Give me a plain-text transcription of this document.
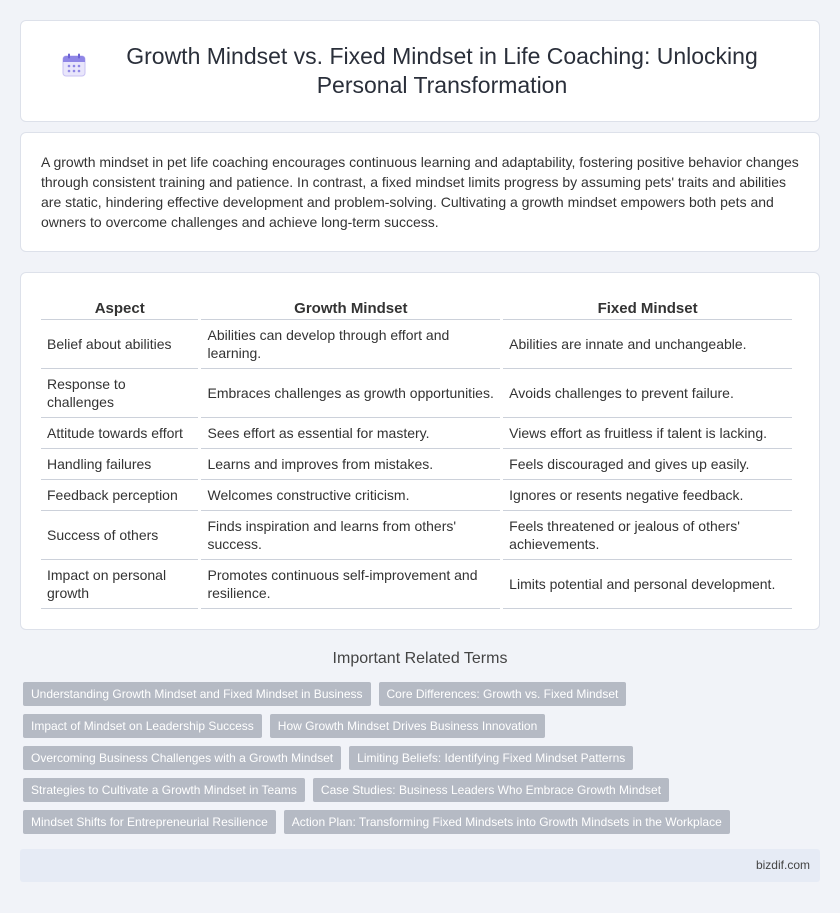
Growth Mindset vs. Fixed Mindset in Life Coaching: Unlocking Personal Transformation

A growth mindset in pet life coaching encourages continuous learning and adaptability, fostering positive behavior changes through consistent training and patience. In contrast, a fixed mindset limits progress by assuming pets' traits and abilities are static, hindering effective development and problem-solving. Cultivating a growth mindset empowers both pets and owners to overcome challenges and achieve long-term success.

Aspect	Growth Mindset	Fixed Mindset
Belief about abilities	Abilities can develop through effort and learning.	Abilities are innate and unchangeable.
Response to challenges	Embraces challenges as growth opportunities.	Avoids challenges to prevent failure.
Attitude towards effort	Sees effort as essential for mastery.	Views effort as fruitless if talent is lacking.
Handling failures	Learns and improves from mistakes.	Feels discouraged and gives up easily.
Feedback perception	Welcomes constructive criticism.	Ignores or resents negative feedback.
Success of others	Finds inspiration and learns from others' success.	Feels threatened or jealous of others' achievements.
Impact on personal growth	Promotes continuous self-improvement and resilience.	Limits potential and personal development.
Important Related Terms
Understanding Growth Mindset and Fixed Mindset in Business	Core Differences: Growth vs. Fixed Mindset
Impact of Mindset on Leadership Success	How Growth Mindset Drives Business Innovation
Overcoming Business Challenges with a Growth Mindset	Limiting Beliefs: Identifying Fixed Mindset Patterns
Strategies to Cultivate a Growth Mindset in Teams	Case Studies: Business Leaders Who Embrace Growth Mindset
Mindset Shifts for Entrepreneurial Resilience	Action Plan: Transforming Fixed Mindsets into Growth Mindsets in the Workplace
bizdif.com
